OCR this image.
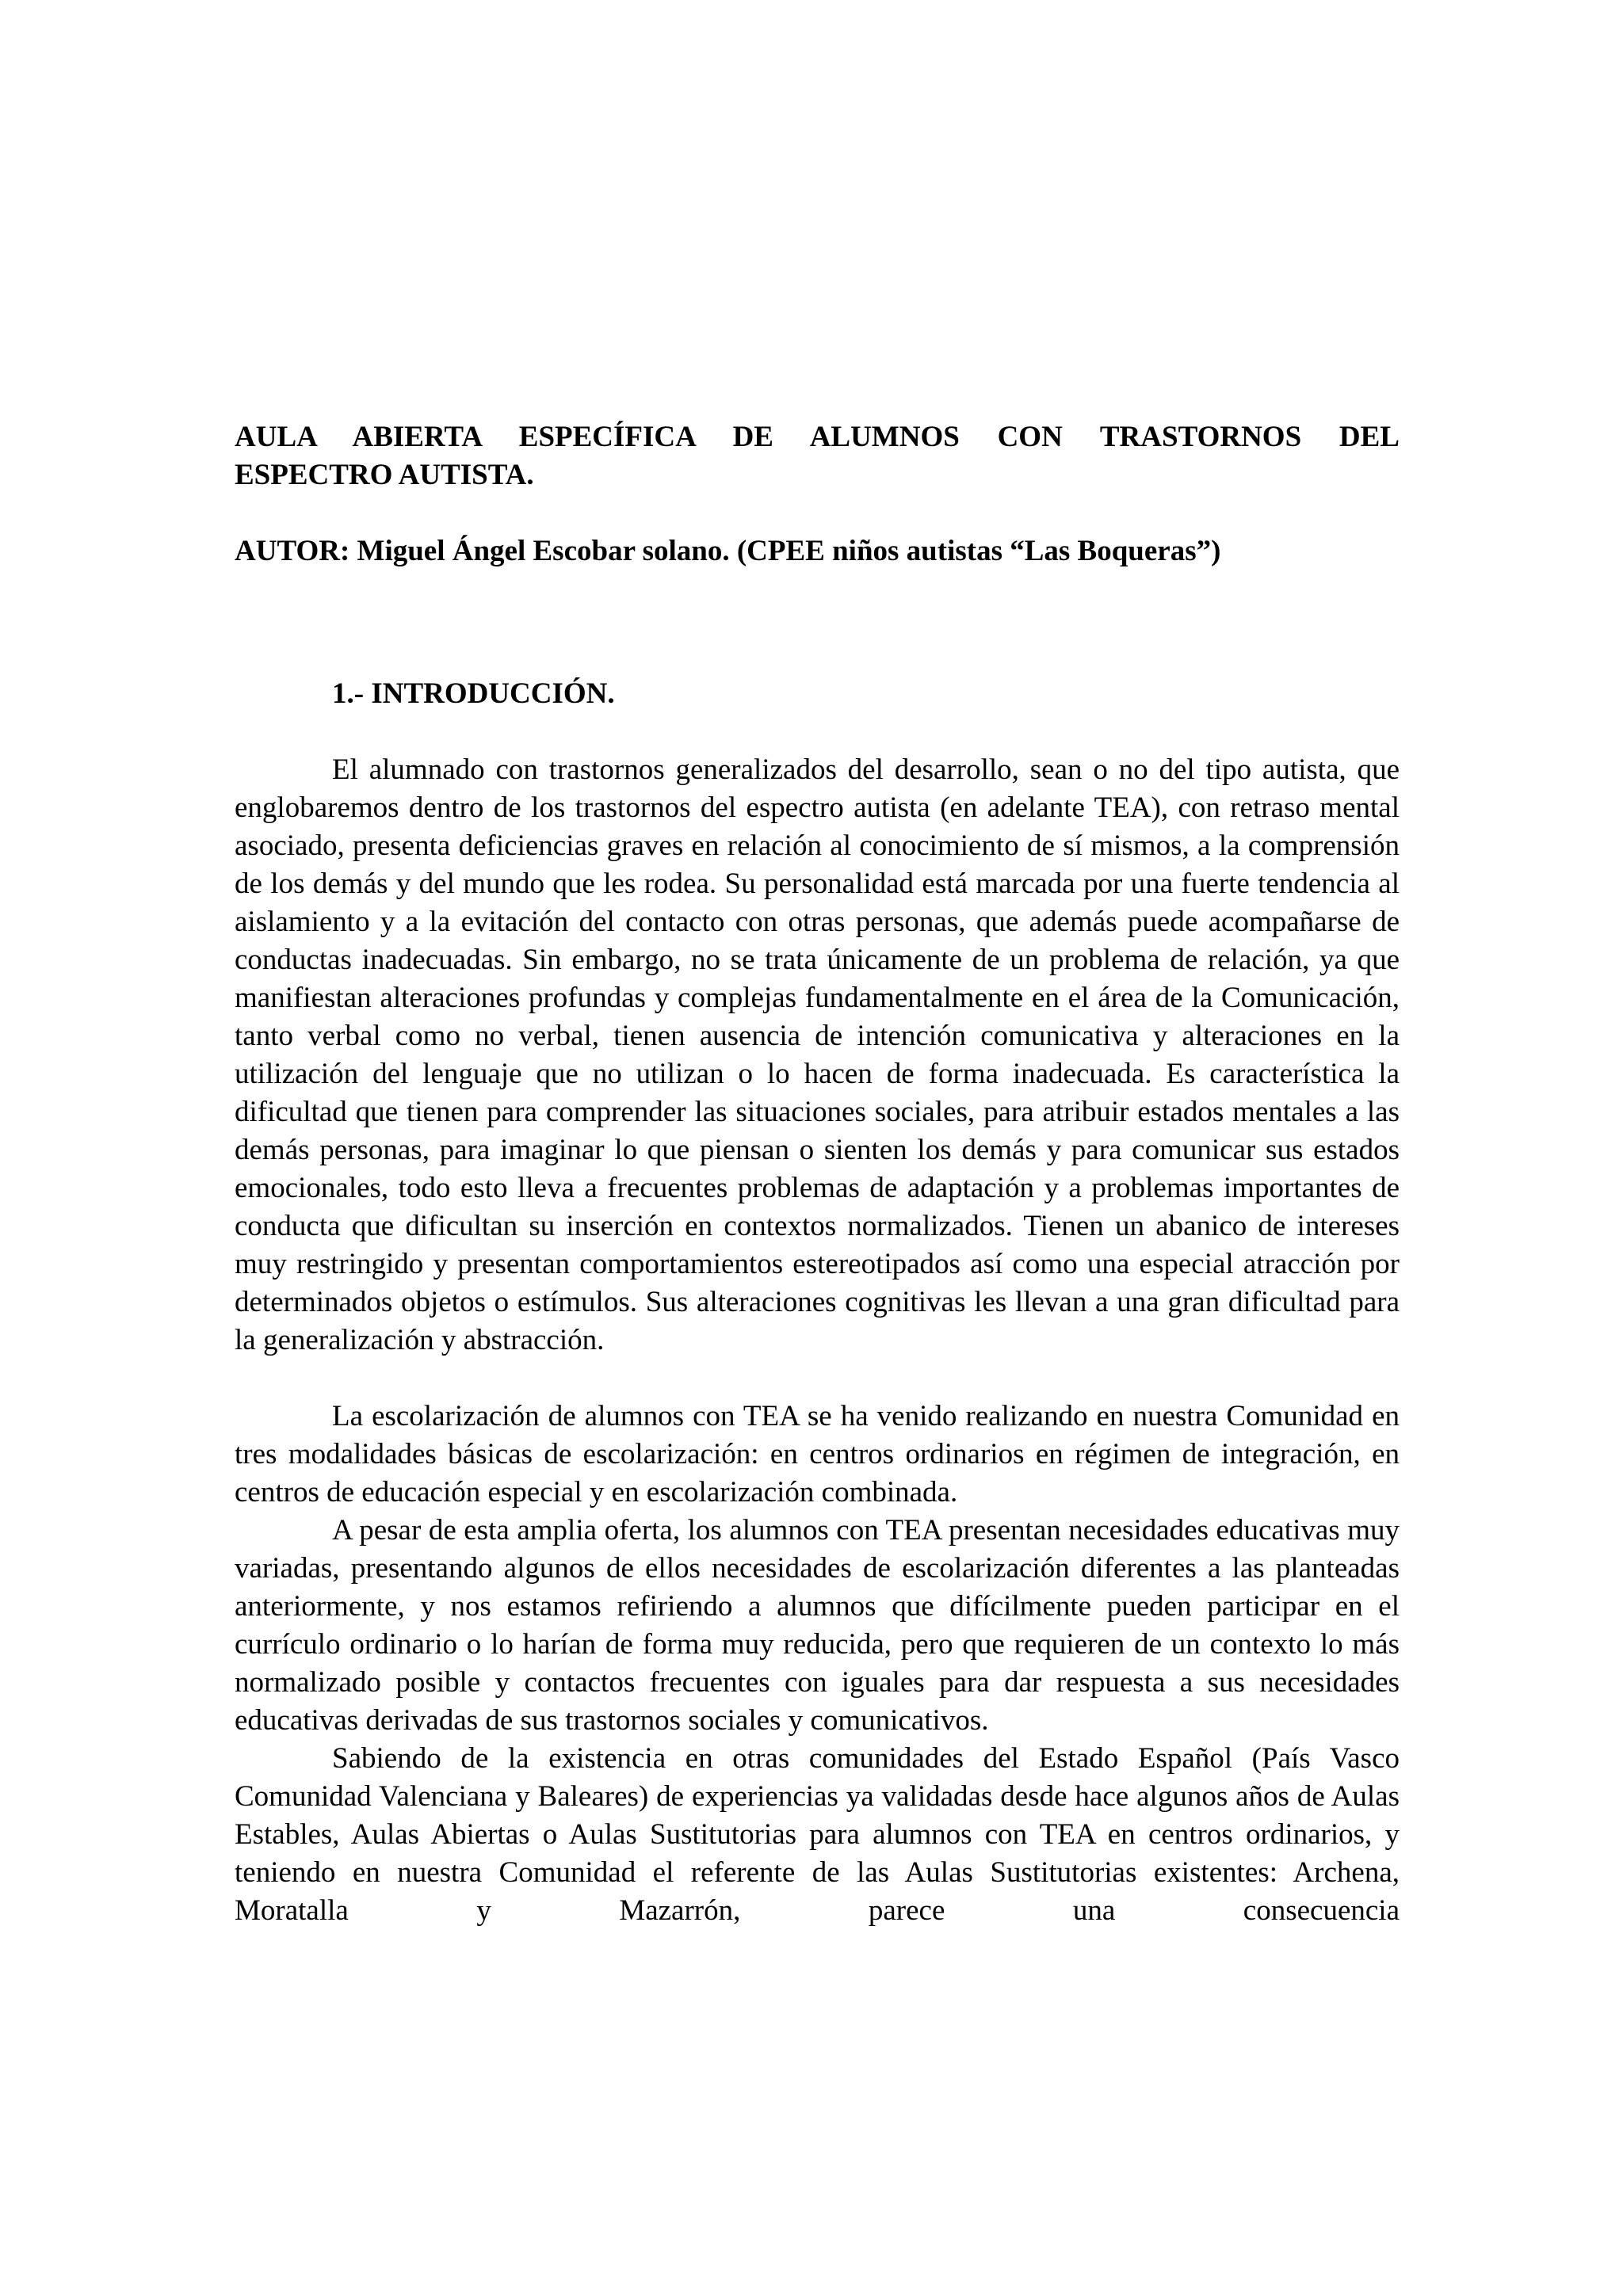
AULA ABIERTA ESPECÍFICA DE ALUMNOS CON TRASTORNOS DEL
ESPECTRO AUTISTA.

AUTOR: Miguel Ángel Escobar solano. (CPEE niños autistas “Las Boqueras”)

1.- INTRODUCCIÓN.

El alumnado con trastornos generalizados del desarrollo, sean o no del tipo autista, que englobaremos dentro de los trastornos del espectro autista (en adelante TEA), con retraso mental asociado, presenta deficiencias graves en relación al conocimiento de sí mismos, a la comprensión de los demás y del mundo que les rodea. Su personalidad está marcada por una fuerte tendencia al aislamiento y a la evitación del contacto con otras personas, que además puede acompañarse de conductas inadecuadas. Sin embargo, no se trata únicamente de un problema de relación, ya que manifiestan alteraciones profundas y complejas fundamentalmente en el área de la Comunicación, tanto verbal como no verbal, tienen ausencia de intención comunicativa y alteraciones en la utilización del lenguaje que no utilizan o lo hacen de forma inadecuada. Es característica la dificultad que tienen para comprender las situaciones sociales, para atribuir estados mentales a las demás personas, para imaginar lo que piensan o sienten los demás y para comunicar sus estados emocionales, todo esto lleva a frecuentes problemas de adaptación y a problemas importantes de conducta que dificultan su inserción en contextos normalizados. Tienen un abanico de intereses muy restringido y presentan comportamientos estereotipados así como una especial atracción por determinados objetos o estímulos. Sus alteraciones cognitivas les llevan a una gran dificultad para la generalización y abstracción.

La escolarización de alumnos con TEA se ha venido realizando en nuestra Comunidad en tres modalidades básicas de escolarización: en centros ordinarios en régimen de integración, en centros de educación especial y en escolarización combinada.

A pesar de esta amplia oferta, los alumnos con TEA presentan necesidades educativas muy variadas, presentando algunos de ellos necesidades de escolarización diferentes a las planteadas anteriormente, y nos estamos refiriendo a alumnos que difícilmente pueden participar en el currículo ordinario o lo harían de forma muy reducida, pero que requieren de un contexto lo más normalizado posible y contactos frecuentes con iguales para dar respuesta a sus necesidades educativas derivadas de sus trastornos sociales y comunicativos.

Sabiendo de la existencia en otras comunidades del Estado Español (País Vasco Comunidad Valenciana y Baleares) de experiencias ya validadas desde hace algunos años de Aulas Estables, Aulas Abiertas o Aulas Sustitutorias para alumnos con TEA en centros ordinarios, y teniendo en nuestra Comunidad el referente de las Aulas Sustitutorias existentes: Archena, Moratalla y Mazarrón, parece una consecuencia
